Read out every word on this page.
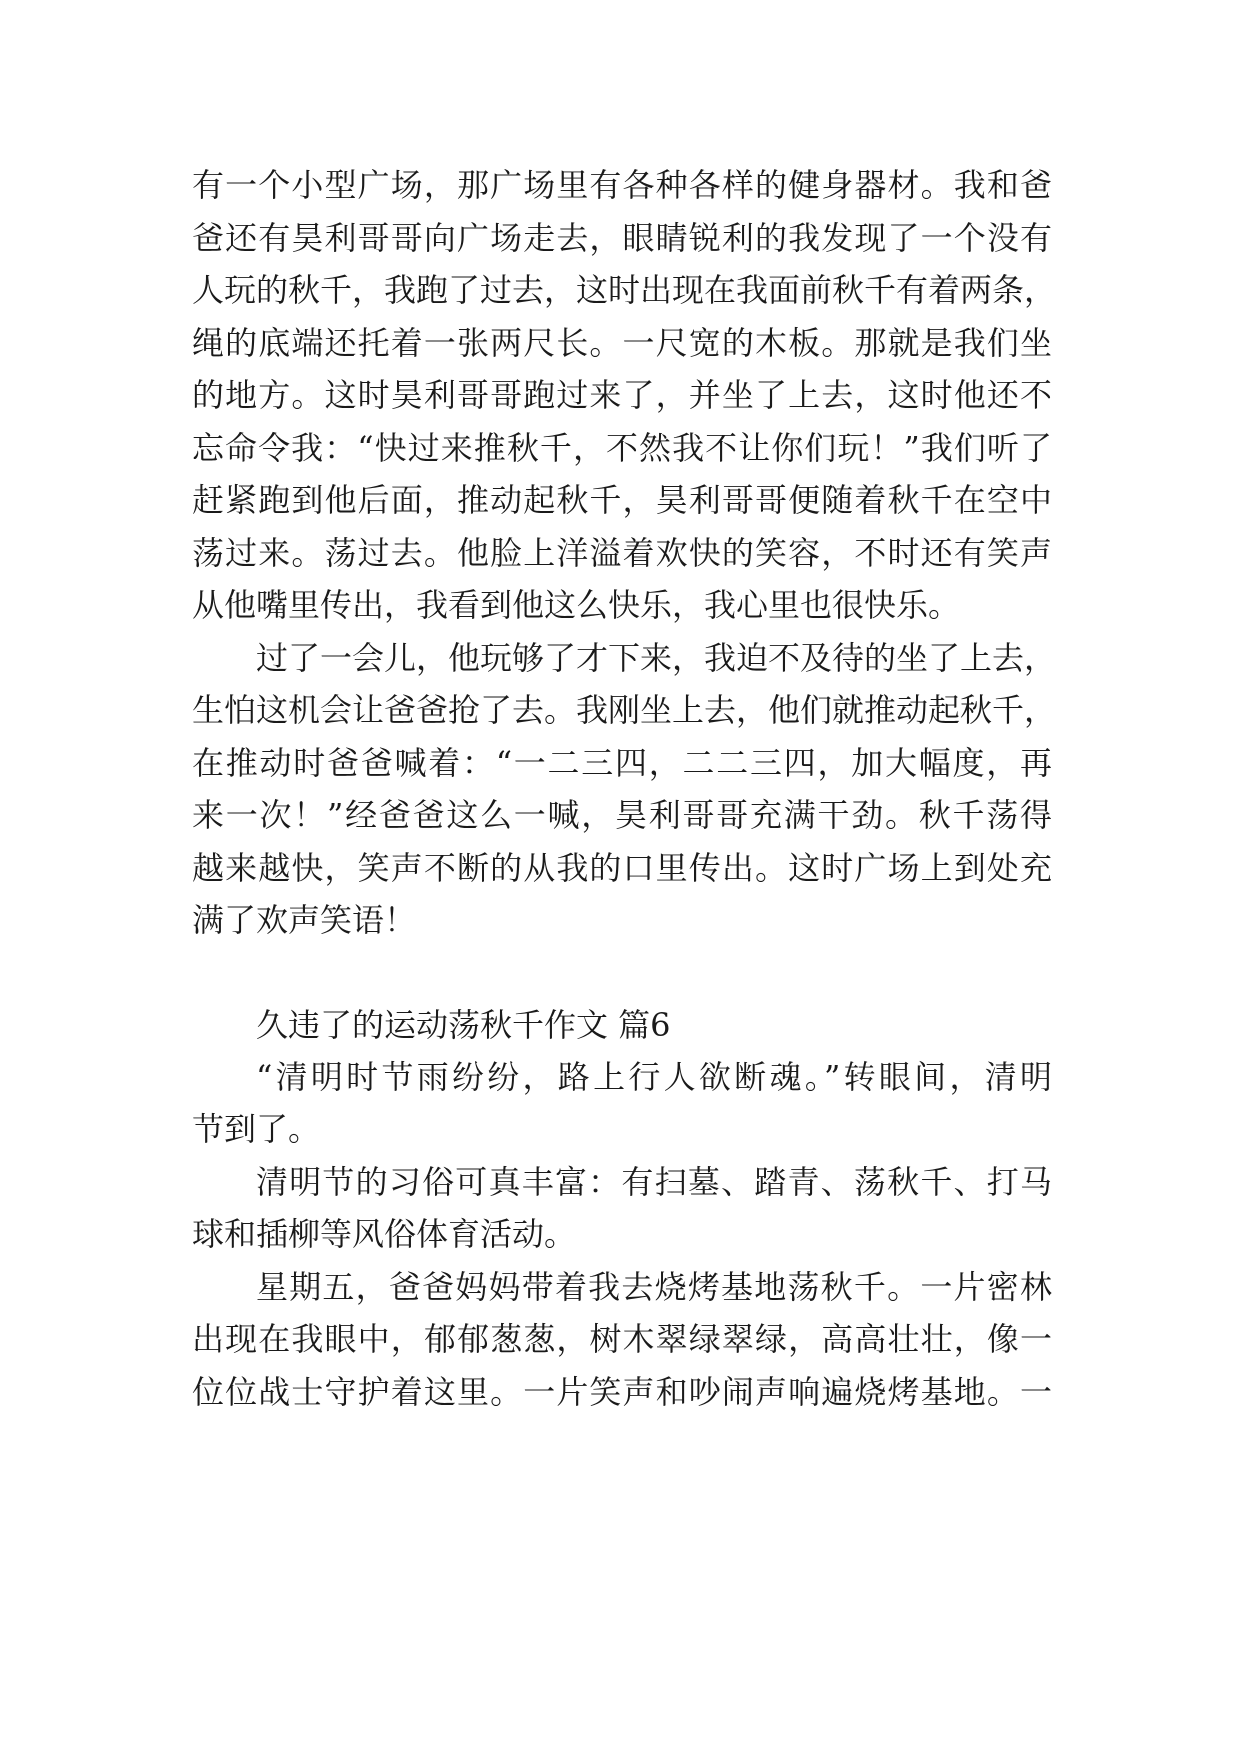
有一个小型广场，那广场里有各种各样的健身器材。我和爸
爸还有昊利哥哥向广场走去，眼睛锐利的我发现了一个没有
人玩的秋千，我跑了过去，这时出现在我面前秋千有着两条，
绳的底端还托着一张两尺长。一尺宽的木板。那就是我们坐
的地方。这时昊利哥哥跑过来了，并坐了上去，这时他还不
忘命令我：“快过来推秋千，不然我不让你们玩！”我们听了
赶紧跑到他后面，推动起秋千，昊利哥哥便随着秋千在空中
荡过来。荡过去。他脸上洋溢着欢快的笑容，不时还有笑声
从他嘴里传出，我看到他这么快乐，我心里也很快乐。
过了一会儿，他玩够了才下来，我迫不及待的坐了上去，
生怕这机会让爸爸抢了去。我刚坐上去，他们就推动起秋千，
在推动时爸爸喊着：“一二三四，二二三四，加大幅度，再
来一次！”经爸爸这么一喊，昊利哥哥充满干劲。秋千荡得
越来越快，笑声不断的从我的口里传出。这时广场上到处充
满了欢声笑语！
久违了的运动荡秋千作文 篇6
“清明时节雨纷纷，路上行人欲断魂。”转眼间，清明
节到了。
清明节的习俗可真丰富：有扫墓、踏青、荡秋千、打马
球和插柳等风俗体育活动。
星期五，爸爸妈妈带着我去烧烤基地荡秋千。一片密林
出现在我眼中，郁郁葱葱，树木翠绿翠绿，高高壮壮，像一
位位战士守护着这里。一片笑声和吵闹声响遍烧烤基地。一
